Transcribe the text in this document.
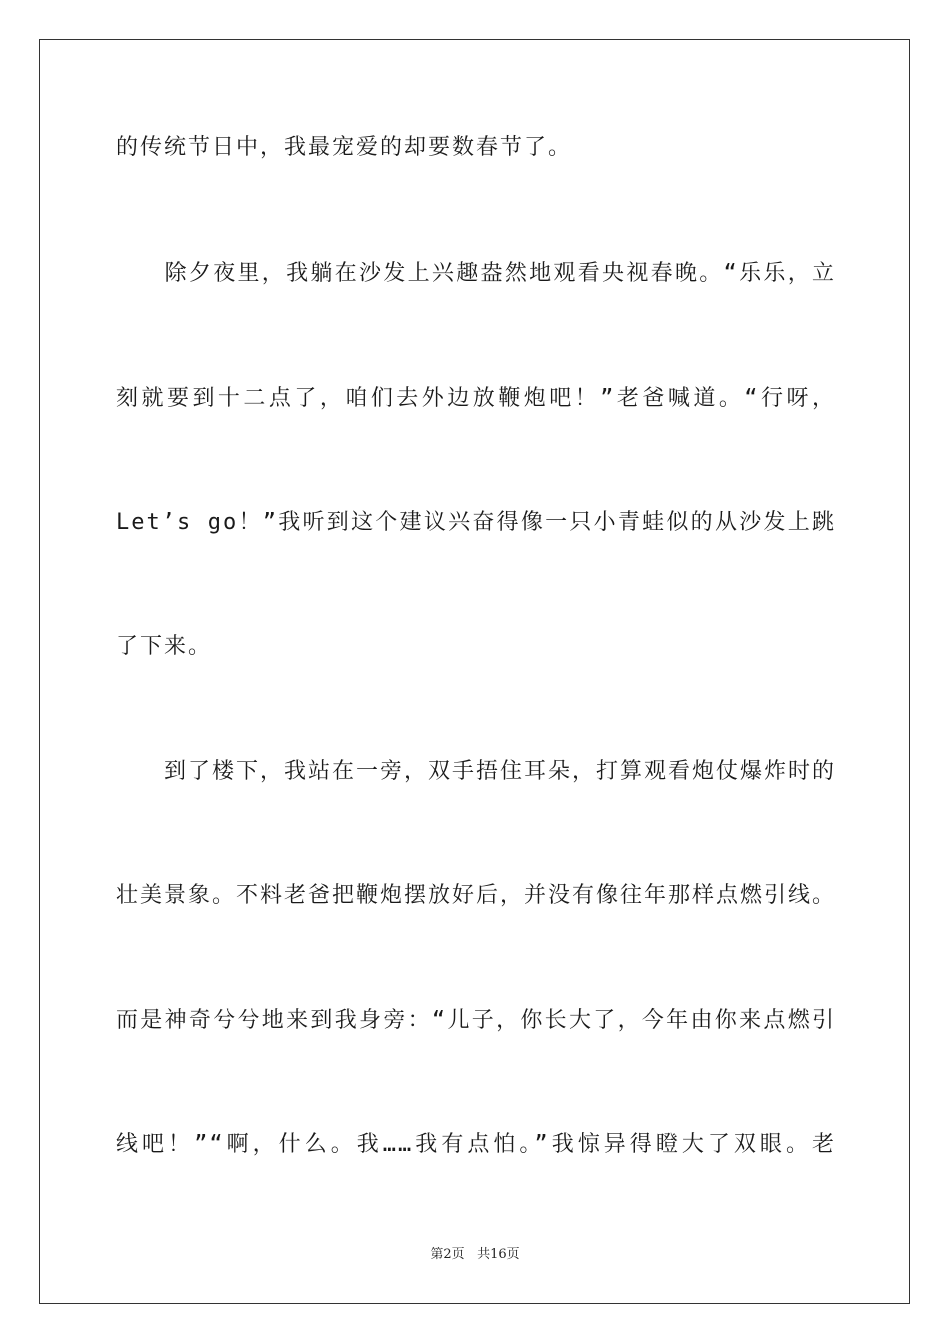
的传统节日中，我最宠爱的却要数春节了。
　　除夕夜里，我躺在沙发上兴趣盎然地观看央视春晚。“乐乐，立
刻就要到十二点了，咱们去外边放鞭炮吧！”老爸喊道。“行呀，
Let’s go！”我听到这个建议兴奋得像一只小青蛙似的从沙发上跳
了下来。
　　到了楼下，我站在一旁，双手捂住耳朵，打算观看炮仗爆炸时的
壮美景象。不料老爸把鞭炮摆放好后，并没有像往年那样点燃引线。
而是神奇兮兮地来到我身旁：“儿子，你长大了，今年由你来点燃引
线吧！”“啊，什么。我……我有点怕。”我惊异得瞪大了双眼。老
第2页 共16页
